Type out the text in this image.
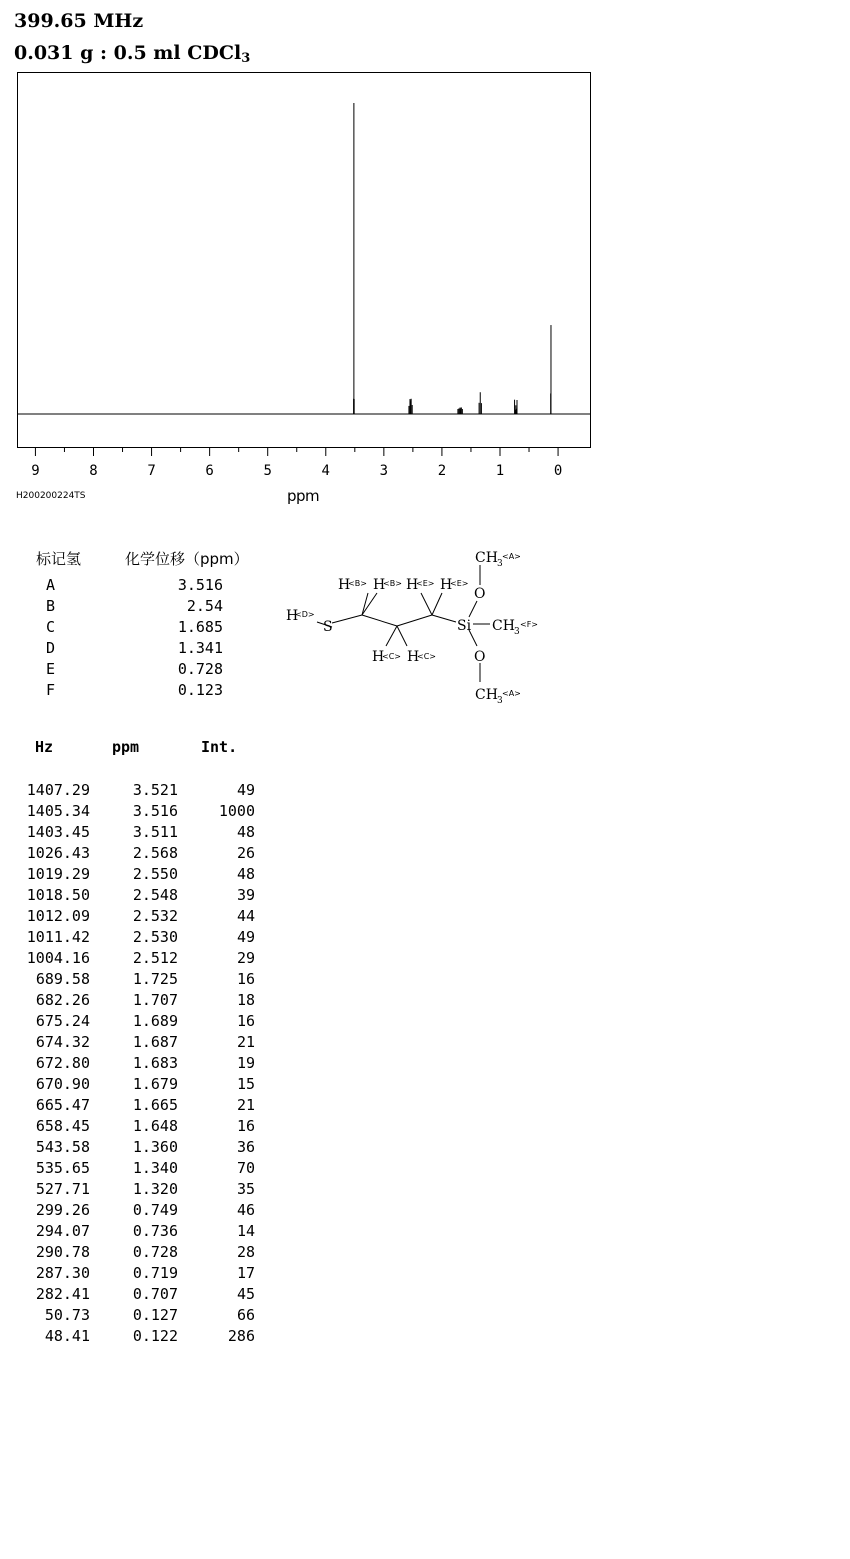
399.65 MHz
0.031 g : 0.5 ml CDCl$_3$
9	8	7	6	5	4	3	2	1	0
H200200224TS	ppm
标记氢	化学位移（ppm）
A	3.516
B	2.54
C	1.685
D	1.341
E	0.728
F	0.123
H
S
H H H H
H H
Si
O
O
CH
CH
CH
3
3
3
<D>
<B> <B> <E> <E>
<C> <C>
<A>
<A>
<F>
Hz	ppm	Int.
1407.29	3.521	49
1405.34	3.516	1000
1403.45	3.511	48
1026.43	2.568	26
1019.29	2.550	48
1018.50	2.548	39
1012.09	2.532	44
1011.42	2.530	49
1004.16	2.512	29
689.58	1.725	16
682.26	1.707	18
675.24	1.689	16
674.32	1.687	21
672.80	1.683	19
670.90	1.679	15
665.47	1.665	21
658.45	1.648	16
543.58	1.360	36
535.65	1.340	70
527.71	1.320	35
299.26	0.749	46
294.07	0.736	14
290.78	0.728	28
287.30	0.719	17
282.41	0.707	45
50.73	0.127	66
48.41	0.122	286
